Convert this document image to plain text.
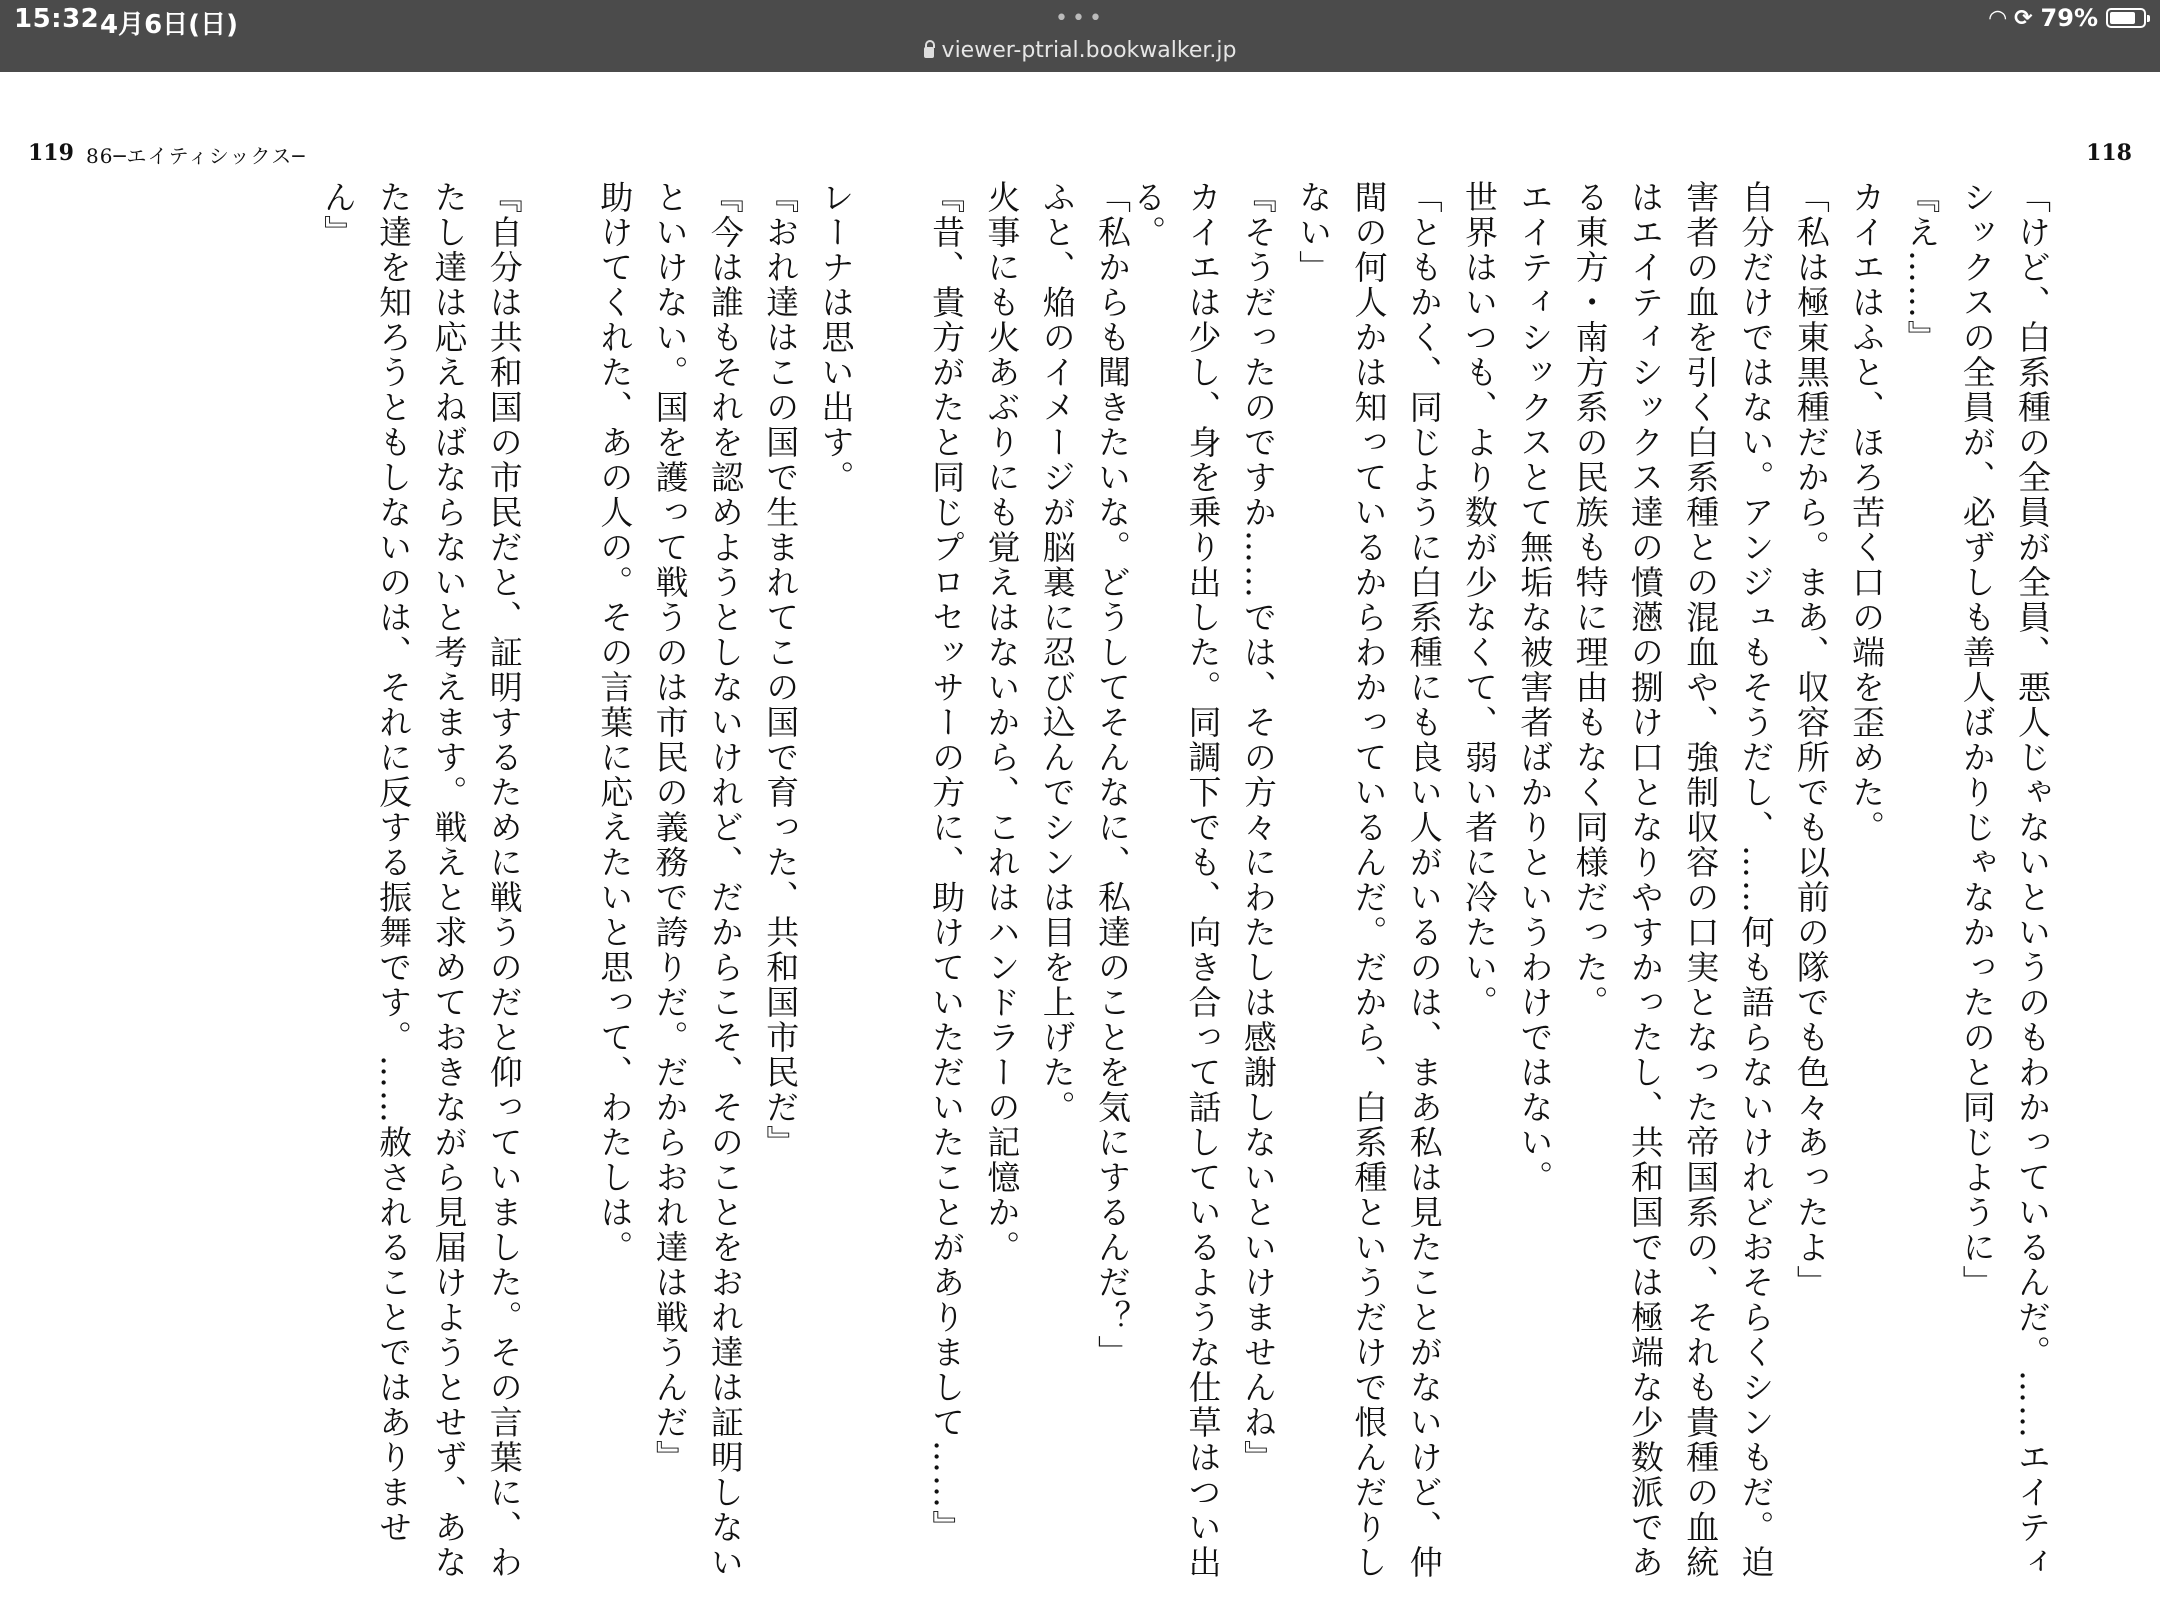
15:32 4月6日(日)	•••
viewer-ptrial.bookwalker.jp
◠ ⟳ 79%
119 86─エイティシックス─	118

「けど、白系種の全員が全員、悪人じゃないというのもわかっているんだ。……エイティシックスの全員が、必ずしも善人ばかりじゃなかったのと同じように」

『え……』

カイエはふと、ほろ苦く口の端を歪めた。

「私は極東黒種だから。まあ、収容所でも以前の隊でも色々あったよ」

自分だけではない。アンジュもそうだし、……何も語らないけれどおそらくシンもだ。迫害者の血を引く白系種との混血や、強制収容の口実となった帝国系の、それも貴種の血統はエイティシックス達の憤懣の捌け口となりやすかったし、共和国では極端な少数派である東方・南方系の民族も特に理由もなく同様だった。

エイティシックスとて無垢な被害者ばかりというわけではない。

世界はいつも、より数が少なくて、弱い者に冷たい。

「ともかく、同じように白系種にも良い人がいるのは、まあ私は見たことがないけど、仲間の何人かは知っているからわかっているんだ。だから、白系種というだけで恨んだりしない」

『そうだったのですか……では、その方々にわたしは感謝しないといけませんね』

カイエは少し、身を乗り出した。同調下でも、向き合って話しているような仕草はつい出る。

「私からも聞きたいな。どうしてそんなに、私達のことを気にするんだ？」

ふと、焔のイメージが脳裏に忍び込んでシンは目を上げた。

火事にも火あぶりにも覚えはないから、これはハンドラーの記憶か。

『昔、貴方がたと同じプロセッサーの方に、助けていただいたことがありまして……』

レーナは思い出す。

『おれ達はこの国で生まれてこの国で育った、共和国市民だ』

『今は誰もそれを認めようとしないけれど、だからこそ、そのことをおれ達は証明しないといけない。国を護って戦うのは市民の義務で誇りだ。だからおれ達は戦うんだ』

助けてくれた、あの人の。その言葉に応えたいと思って、わたしは。

『自分は共和国の市民だと、証明するために戦うのだと仰っていました。その言葉に、わたし達は応えねばならないと考えます。戦えと求めておきながら見届けようとせず、あなた達を知ろうともしないのは、それに反する振舞です。……赦されることではありません』
